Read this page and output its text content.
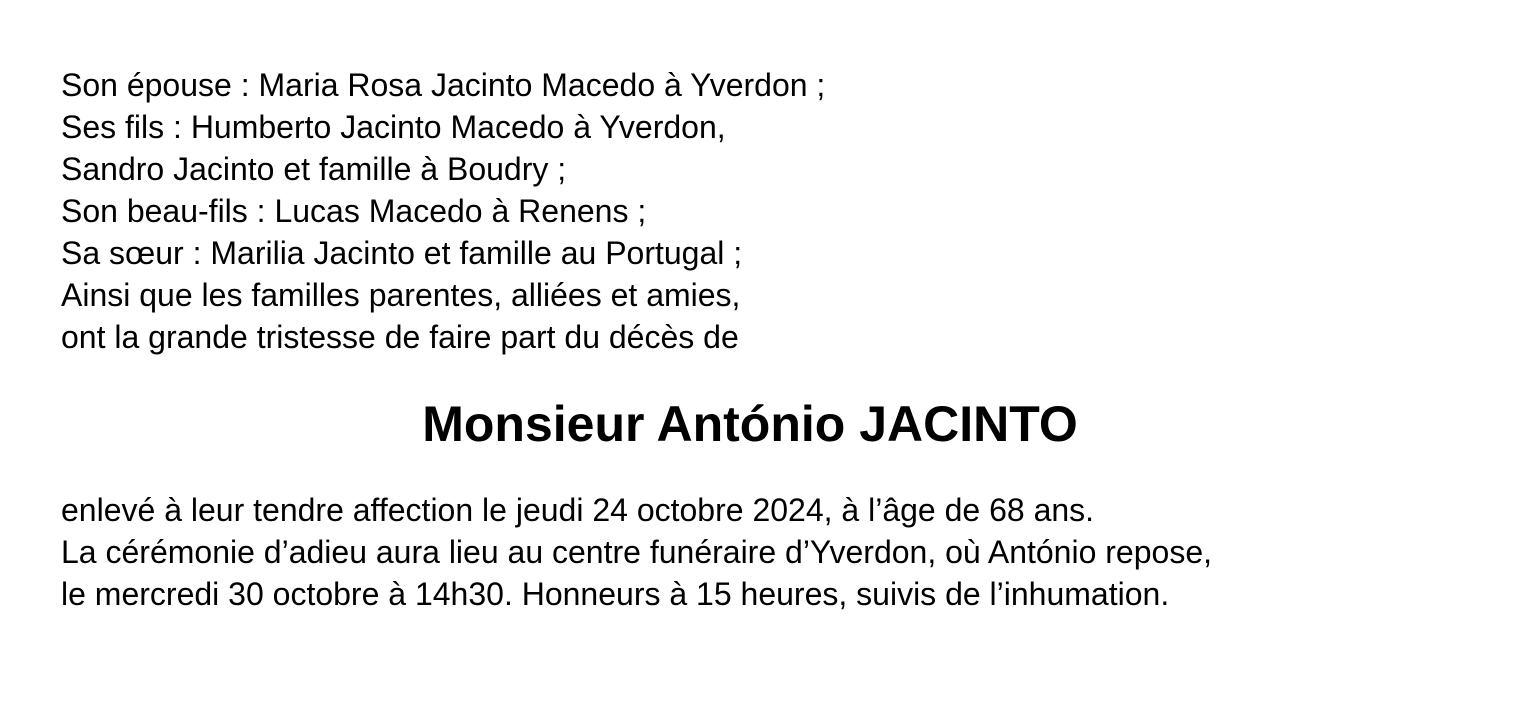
Son épouse : Maria Rosa Jacinto Macedo à Yverdon ;

Ses fils : Humberto Jacinto Macedo à Yverdon,

Sandro Jacinto et famille à Boudry ;

Son beau-fils : Lucas Macedo à Renens ;

Sa sœur : Marilia Jacinto et famille au Portugal ;

Ainsi que les familles parentes, alliées et amies,

ont la grande tristesse de faire part du décès de

Monsieur António JACINTO

enlevé à leur tendre affection le jeudi 24 octobre 2024, à l’âge de 68 ans.

La cérémonie d’adieu aura lieu au centre funéraire d’Yverdon, où António repose,

le mercredi 30 octobre à 14h30. Honneurs à 15 heures, suivis de l’inhumation.
